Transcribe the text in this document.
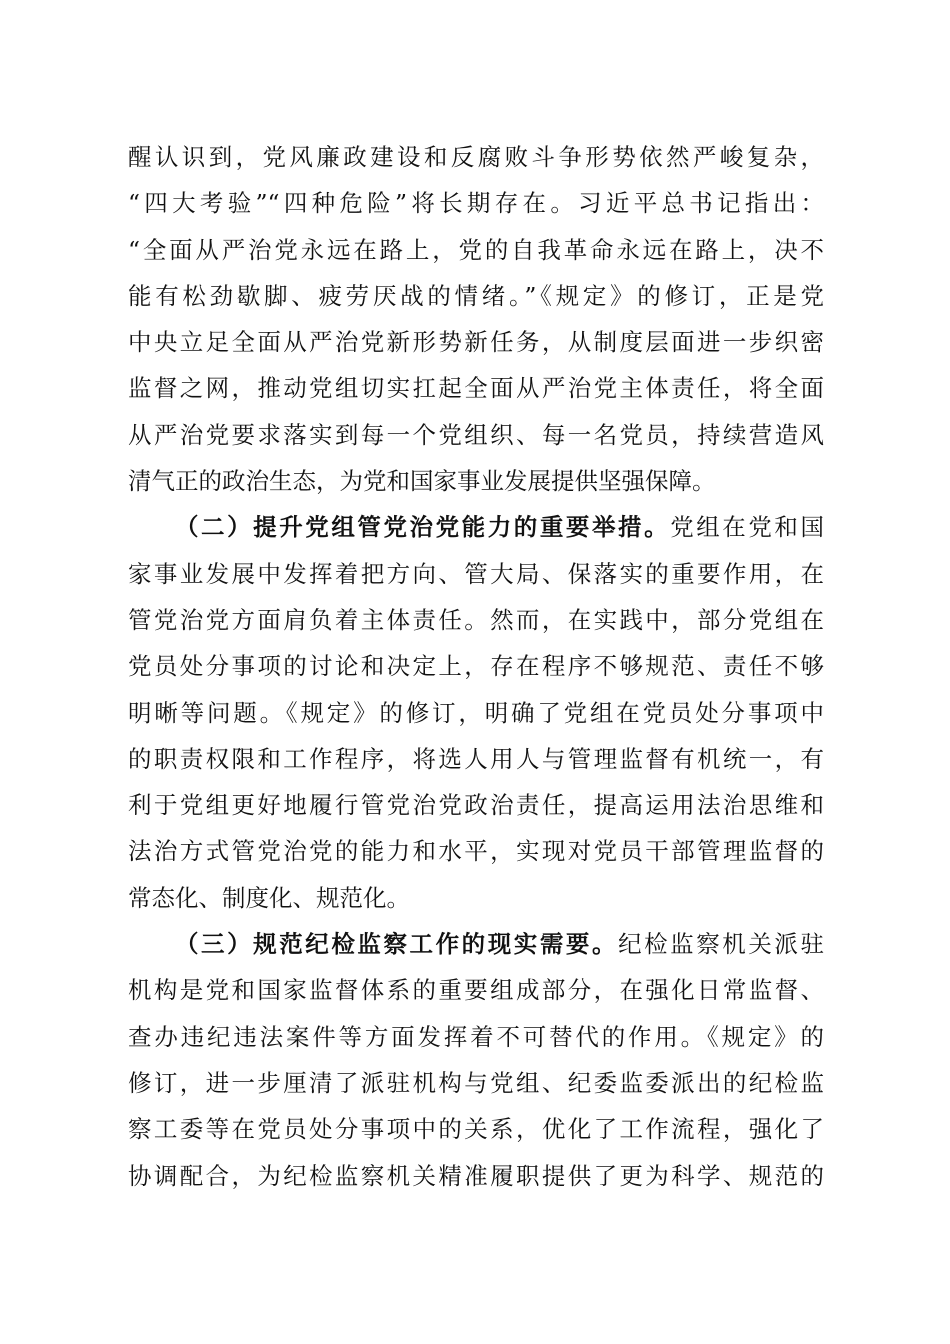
醒认识到，党风廉政建设和反腐败斗争形势依然严峻复杂，
“四大考验”“四种危险”将长期存在。习近平总书记指出：
“全面从严治党永远在路上，党的自我革命永远在路上，决不
能有松劲歇脚、疲劳厌战的情绪。”《规定》的修订，正是党
中央立足全面从严治党新形势新任务，从制度层面进一步织密
监督之网，推动党组切实扛起全面从严治党主体责任，将全面
从严治党要求落实到每一个党组织、每一名党员，持续营造风
清气正的政治生态，为党和国家事业发展提供坚强保障。
（二）提升党组管党治党能力的重要举措。党组在党和国
家事业发展中发挥着把方向、管大局、保落实的重要作用，在
管党治党方面肩负着主体责任。然而，在实践中，部分党组在
党员处分事项的讨论和决定上，存在程序不够规范、责任不够
明晰等问题。《规定》的修订，明确了党组在党员处分事项中
的职责权限和工作程序，将选人用人与管理监督有机统一，有
利于党组更好地履行管党治党政治责任，提高运用法治思维和
法治方式管党治党的能力和水平，实现对党员干部管理监督的
常态化、制度化、规范化。
（三）规范纪检监察工作的现实需要。纪检监察机关派驻
机构是党和国家监督体系的重要组成部分，在强化日常监督、
查办违纪违法案件等方面发挥着不可替代的作用。《规定》的
修订，进一步厘清了派驻机构与党组、纪委监委派出的纪检监
察工委等在党员处分事项中的关系，优化了工作流程，强化了
协调配合，为纪检监察机关精准履职提供了更为科学、规范的
